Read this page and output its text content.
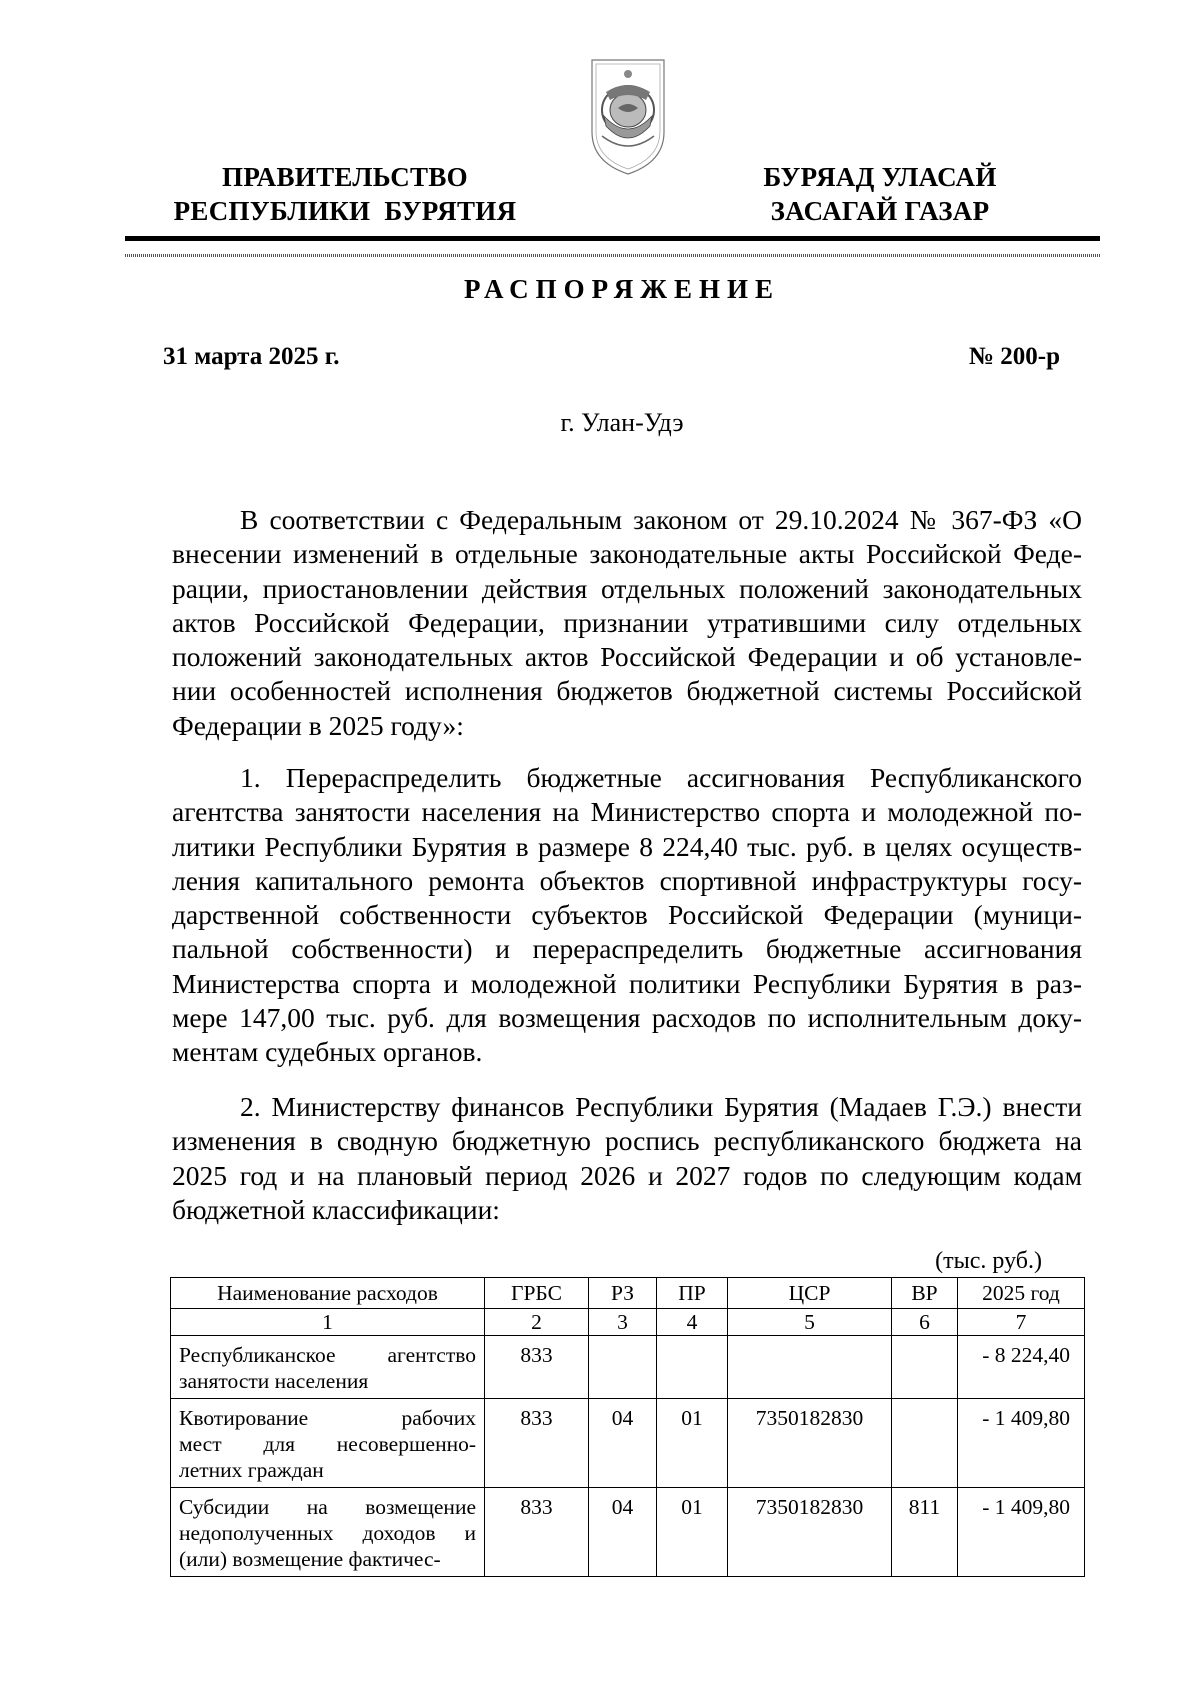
ПРАВИТЕЛЬСТВО
РЕСПУБЛИКИ  БУРЯТИЯ
БУРЯАД УЛАСАЙ
ЗАСАГАЙ ГАЗАР
РАСПОРЯЖЕНИЕ
31 марта 2025 г.	№ 200-р
г. Улан-Удэ
В соответствии с Федеральным законом от 29.10.2024 № 367-ФЗ «О
внесении изменений в отдельные законодательные акты Российской Феде-
рации, приостановлении действия отдельных положений законодательных
актов Российской Федерации, признании утратившими силу отдельных
положений законодательных актов Российской Федерации и об установле-
нии особенностей исполнения бюджетов бюджетной системы Российской
Федерации в 2025 году»:
1. Перераспределить бюджетные ассигнования Республиканского
агентства занятости населения на Министерство спорта и молодежной по-
литики Республики Бурятия в размере 8 224,40 тыс. руб. в целях осуществ-
ления капитального ремонта объектов спортивной инфраструктуры госу-
дарственной собственности субъектов Российской Федерации (муници-
пальной собственности) и перераспределить бюджетные ассигнования
Министерства спорта и молодежной политики Республики Бурятия в раз-
мере 147,00 тыс. руб. для возмещения расходов по исполнительным доку-
ментам судебных органов.
2. Министерству финансов Республики Бурятия (Мадаев Г.Э.) внести
изменения в сводную бюджетную роспись республиканского бюджета на
2025 год и на плановый период 2026 и 2027 годов по следующим кодам
бюджетной классификации:
(тыс. руб.)
Наименование расходов	ГРБС	РЗ	ПР	ЦСР	ВР	2025 год
1	2	3	4	5	6	7

Республиканское агентство
занятости населения	833					- 8 224,40

Квотирование рабочих
мест для несовершенно-
летних граждан	833	04	01	7350182830		- 1 409,80

Субсидии на возмещение
недополученных доходов и
(или) возмещение фактичес-	833	04	01	7350182830	811	- 1 409,80
